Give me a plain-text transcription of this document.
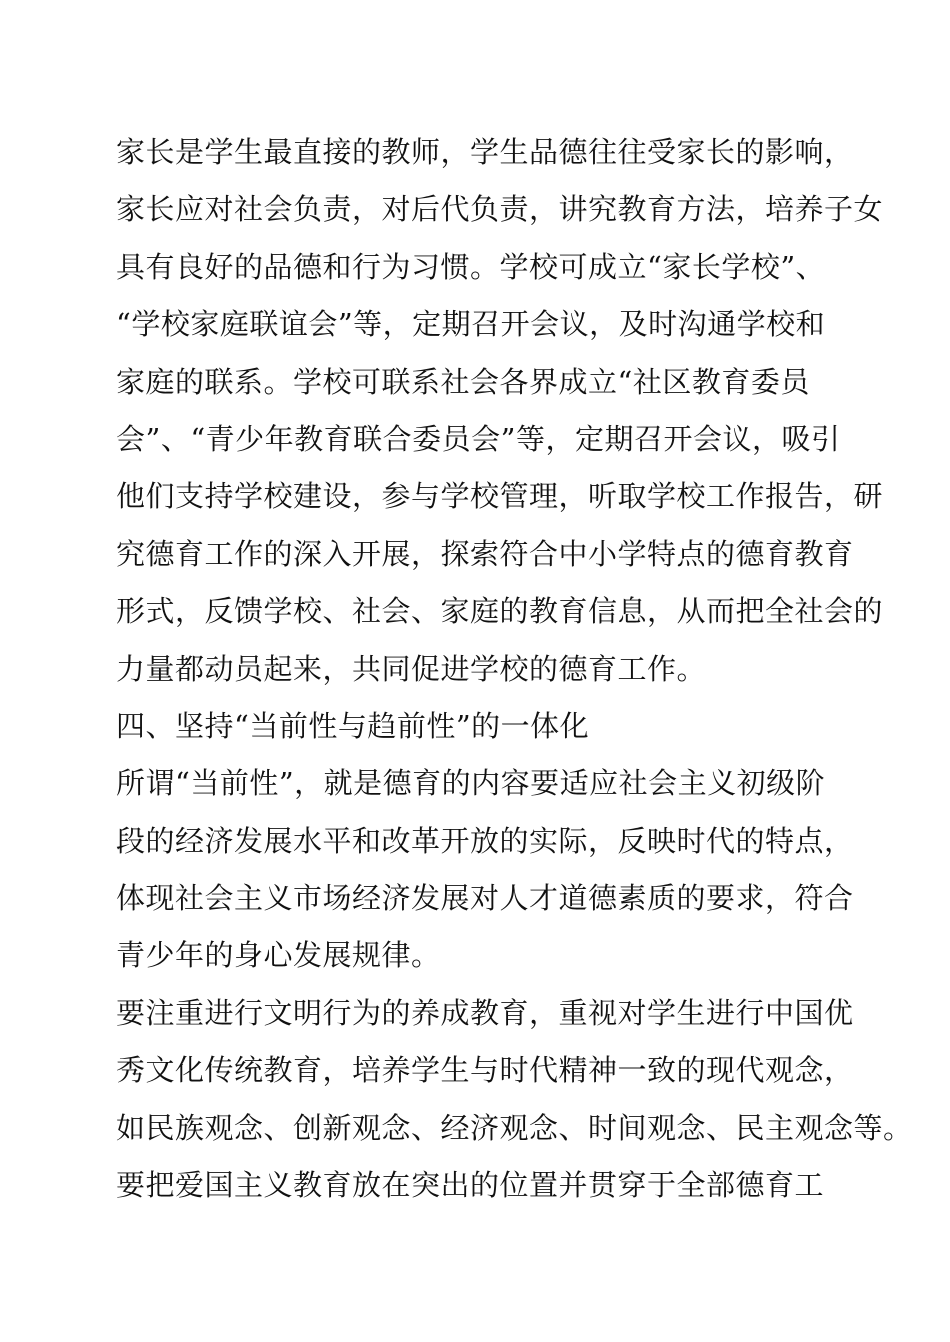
家长是学生最直接的教师，学生品德往往受家长的影响，
家长应对社会负责，对后代负责，讲究教育方法，培养子女
具有良好的品德和行为习惯。学校可成立“家长学校”、
“学校家庭联谊会”等，定期召开会议，及时沟通学校和
家庭的联系。学校可联系社会各界成立“社区教育委员
会”、“青少年教育联合委员会”等，定期召开会议，吸引
他们支持学校建设，参与学校管理，听取学校工作报告，研
究德育工作的深入开展，探索符合中小学特点的德育教育
形式，反馈学校、社会、家庭的教育信息，从而把全社会的
力量都动员起来，共同促进学校的德育工作。
四、坚持“当前性与趋前性”的一体化
所谓“当前性”，就是德育的内容要适应社会主义初级阶
段的经济发展水平和改革开放的实际，反映时代的特点，
体现社会主义市场经济发展对人才道德素质的要求，符合
青少年的身心发展规律。
要注重进行文明行为的养成教育，重视对学生进行中国优
秀文化传统教育，培养学生与时代精神一致的现代观念，
如民族观念、创新观念、经济观念、时间观念、民主观念等。
要把爱国主义教育放在突出的位置并贯穿于全部德育工
